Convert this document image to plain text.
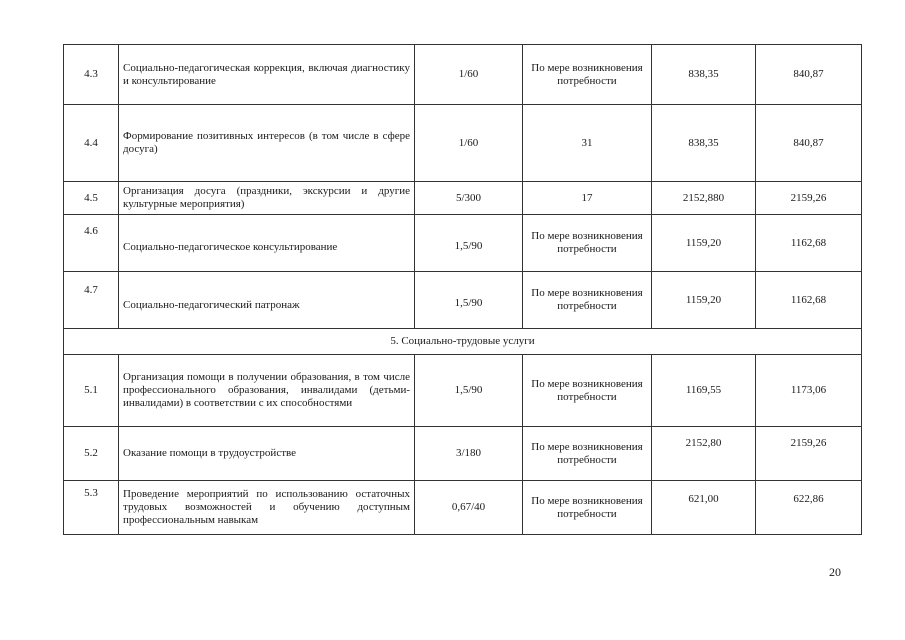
4.3	Социально-педагогическая коррекция, включая диагностику и консультирование	1/60	По мере возникновения потребности	838,35	840,87
4.4	Формирование позитивных интересов (в том числе в сфере досуга)	1/60	31	838,35	840,87
4.5	Организация досуга (праздники, экскурсии и другие культурные мероприятия)	5/300	17	2152,880	2159,26
4.6	Социально-педагогическое консультирование	1,5/90	По мере возникновения потребности	1159,20	1162,68
4.7	Социально-педагогический патронаж	1,5/90	По мере возникновения потребности	1159,20	1162,68
5. Социально-трудовые услуги					
5.1	Организация помощи в получении образования, в том числе профессионального образования, инвалидами (детьми-инвалидами) в соответствии с их способностями	1,5/90	По мере возникновения потребности	1169,55	1173,06
5.2	Оказание помощи в трудоустройстве	3/180	По мере возникновения потребности	2152,80	2159,26
5.3	Проведение мероприятий по использованию остаточных трудовых возможностей и обучению доступным профессиональным навыкам	0,67/40	По мере возникновения потребности	621,00	622,86
20
